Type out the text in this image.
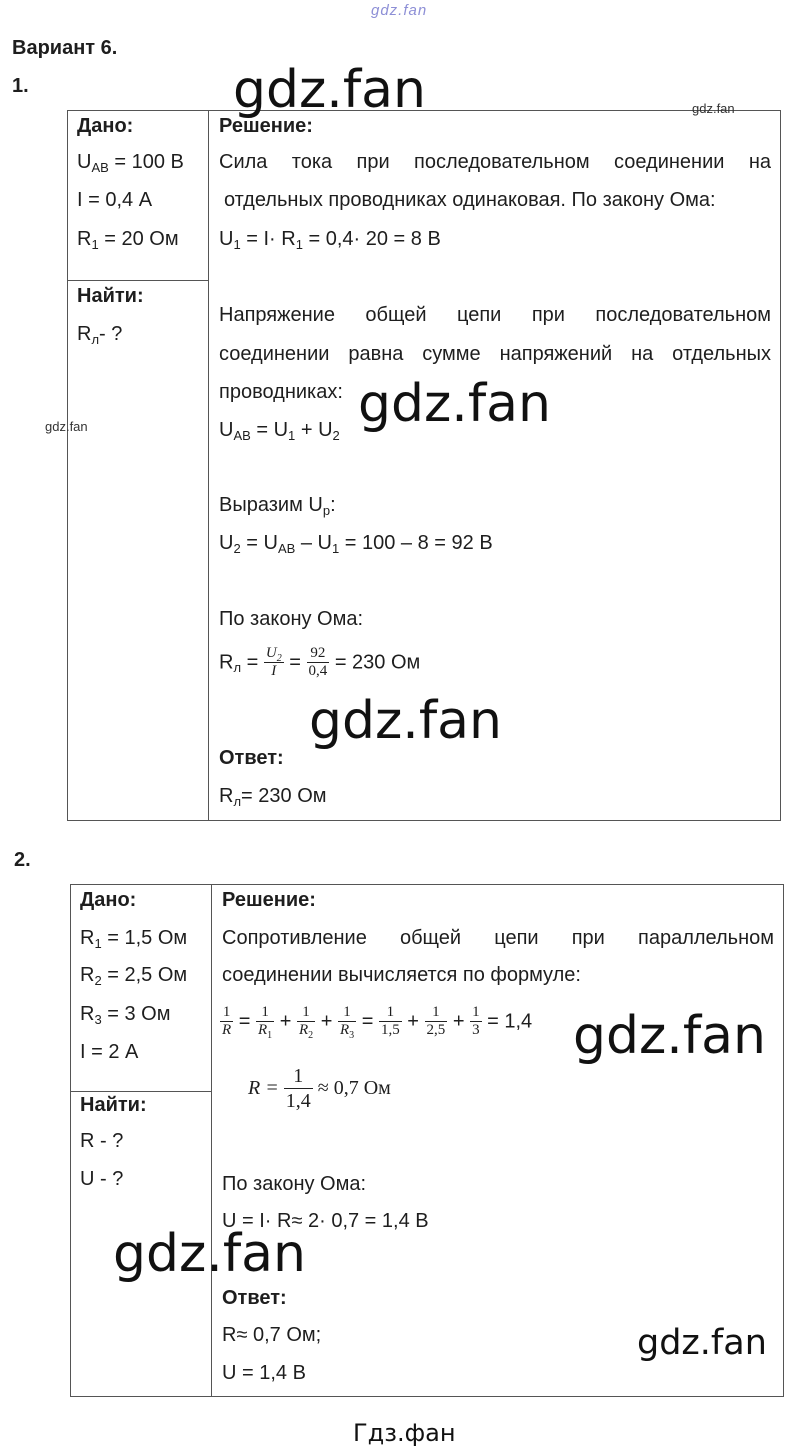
gdz.fan
Вариант 6.
1.
Дано:
$U_{AB} = 100$ В
I = 0,4 А
$R_1 = 20$ Ом
Найти:
$R_л-$ ?
Решение:
Сила тока при последовательном соединении на
отдельных проводниках одинаковая. По закону Ома:
$U_1 = I\cdot R_1 = 0,4\cdot 20 = 8$ В
Напряжение общей цепи при последовательном
соединении равна сумме напряжений на отдельных
проводниках:
$U_{AB} = U_1 + U_2$
Выразим $U_р$:
$U_2 = U_{AB} - U_1 = 100 - 8 = 92$ В
По закону Ома:
$R_л = \frac{U_2}{I} = \frac{92}{0,4} = 230$ Ом
Ответ:
$R_л= 230$ Ом
gdz.fan	gdz.fan
gdz.fan	gdz.fan
gdz.fan
2.
Дано:
$R_1 = 1,5$ Ом
$R_2 = 2,5$ Ом
$R_3 = 3$ Ом
I = 2 А
Найти:
R - ?
U - ?
Решение:
Сопротивление общей цепи при параллельном
соединении вычисляется по формуле:
$\frac{1}{R} = \frac{1}{R_1} + \frac{1}{R_2} + \frac{1}{R_3} = \frac{1}{1,5} + \frac{1}{2,5} + \frac{1}{3} = 1,4$
$R = \frac{1}{1,4} \approx 0,7$ Ом
По закону Ома:
U = I· R≈ 2· 0,7 = 1,4 В
Ответ:
R≈ 0,7 Ом;
U = 1,4 В
gdz.fan
gdz.fan
gdz.fan
Гдз.фан
